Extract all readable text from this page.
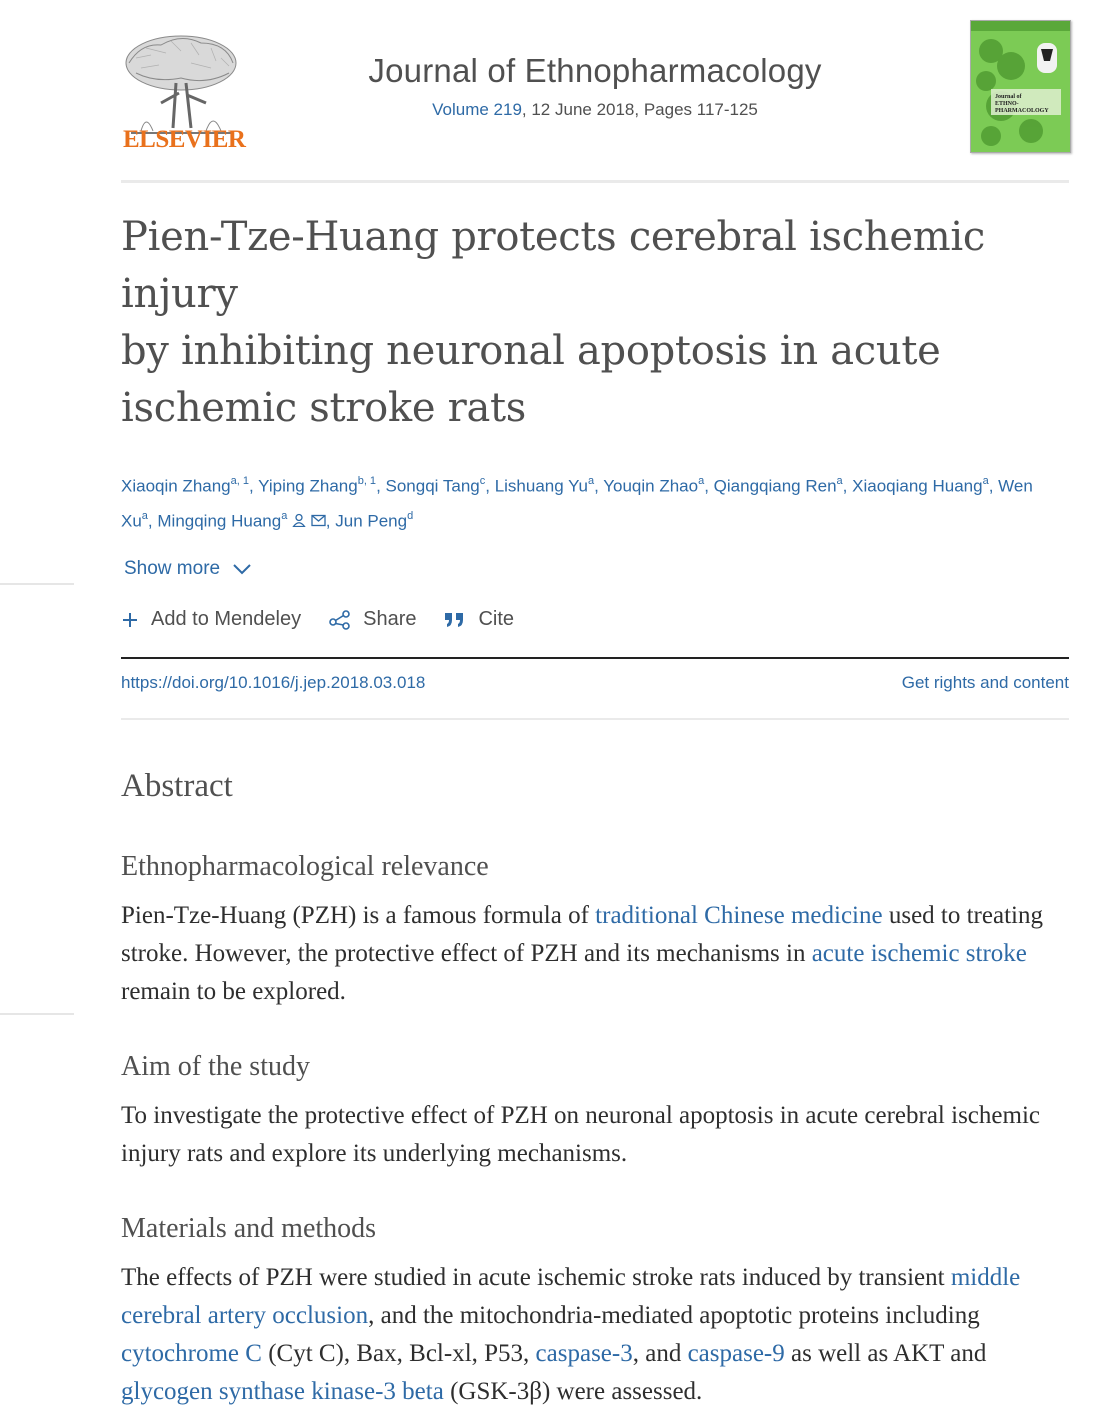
ELSEVIER
Journal of Ethnopharmacology
Volume 219, 12 June 2018, Pages 117-125
Journal of
ETHNO-
PHARMACOLOGY
Pien-Tze-Huang protects cerebral ischemic injury
by inhibiting neuronal apoptosis in acute
ischemic stroke rats
Xiaoqin Zhang$^{a, 1}$, Yiping Zhang$^{b, 1}$, Songqi Tang$^c$, Lishuang Yu$^a$, Youqin Zhao$^a$, Qiangqiang Ren$^a$, Xiaoqiang Huang$^a$, Wen Xu$^a$, Mingqing Huang$^a$ , Jun Peng$^d$
Show more
Add to Mendeley	Share	Cite
https://doi.org/10.1016/j.jep.2018.03.018	Get rights and content
Abstract
Ethnopharmacological relevance

Pien-Tze-Huang (PZH) is a famous formula of traditional Chinese medicine used to treating stroke. However, the protective effect of PZH and its mechanisms in acute ischemic stroke remain to be explored.

Aim of the study

To investigate the protective effect of PZH on neuronal apoptosis in acute cerebral ischemic injury rats and explore its underlying mechanisms.

Materials and methods

The effects of PZH were studied in acute ischemic stroke rats induced by transient middle cerebral artery occlusion, and the mitochondria-mediated apoptotic proteins including cytochrome C (Cyt C), Bax, Bcl-xl, P53, caspase-3, and caspase-9 as well as AKT and glycogen synthase kinase-3 beta (GSK-3β) were assessed.
